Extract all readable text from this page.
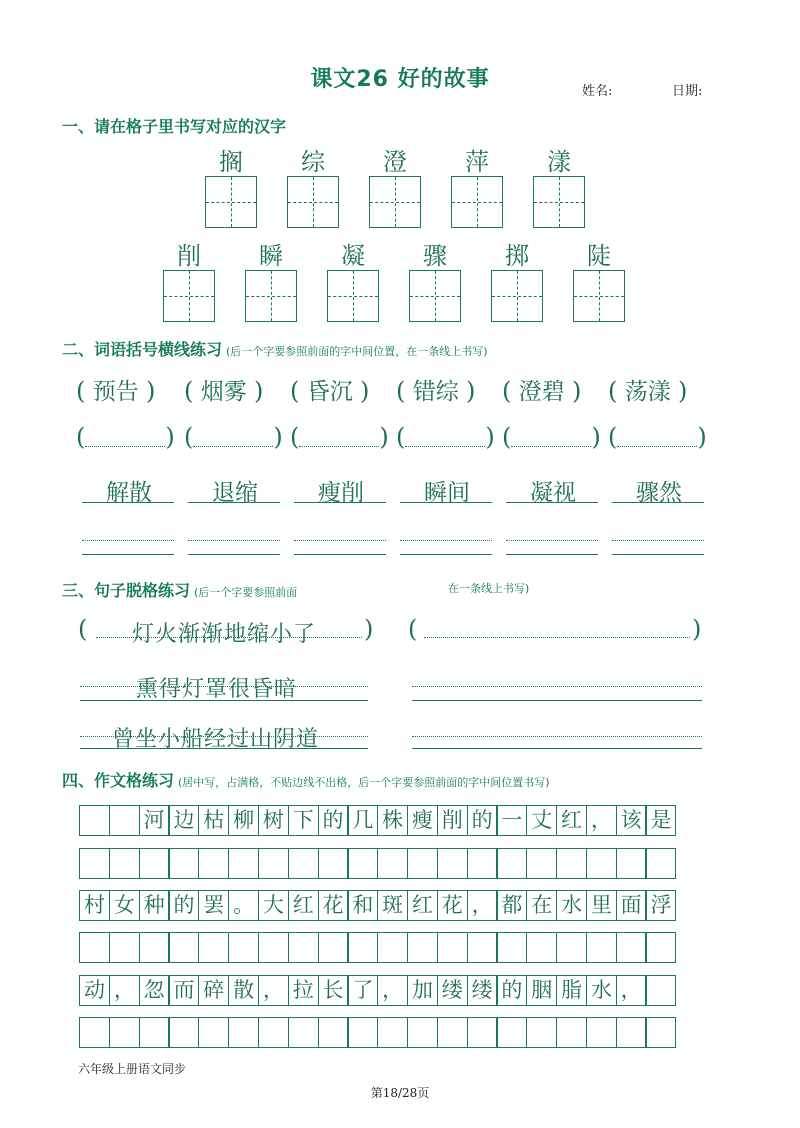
课文26 好的故事	姓名:	日期:
一、请在格子里书写对应的汉字
搁	综	澄	萍	漾
削	瞬	凝	骤	掷	陡
二、词语括号横线练习 (后一个字要参照前面的字中间位置，在一条线上书写)
( 预告 ) ( 烟雾 ) ( 昏沉 ) ( 错综 ) ( 澄碧 ) ( 荡漾 )
(	) (	) (	) (	) (	) (	)
解散	退缩	瘦削	瞬间	凝视	骤然
三、句子脱格练习 (后一个字要参照前面	在一条线上书写)
( 灯火渐渐地缩小了 ) (	)
熏得灯罩很昏暗
曾坐小船经过山阴道
四、作文格练习 (居中写，占满格，不贴边线不出格，后一个字要参照前面的字中间位置书写)
河 边 枯 柳 树 下 的 几 株 瘦 削 的 一 丈 红 ， 该 是
村 女 种 的 罢 。 大 红 花 和 斑 红 花 ， 都 在 水 里 面 浮
动 ， 忽 而 碎 散 ， 拉 长 了 ， 加 缕 缕 的 胭 脂 水 ，
六年级上册语文同步
第18/28页
